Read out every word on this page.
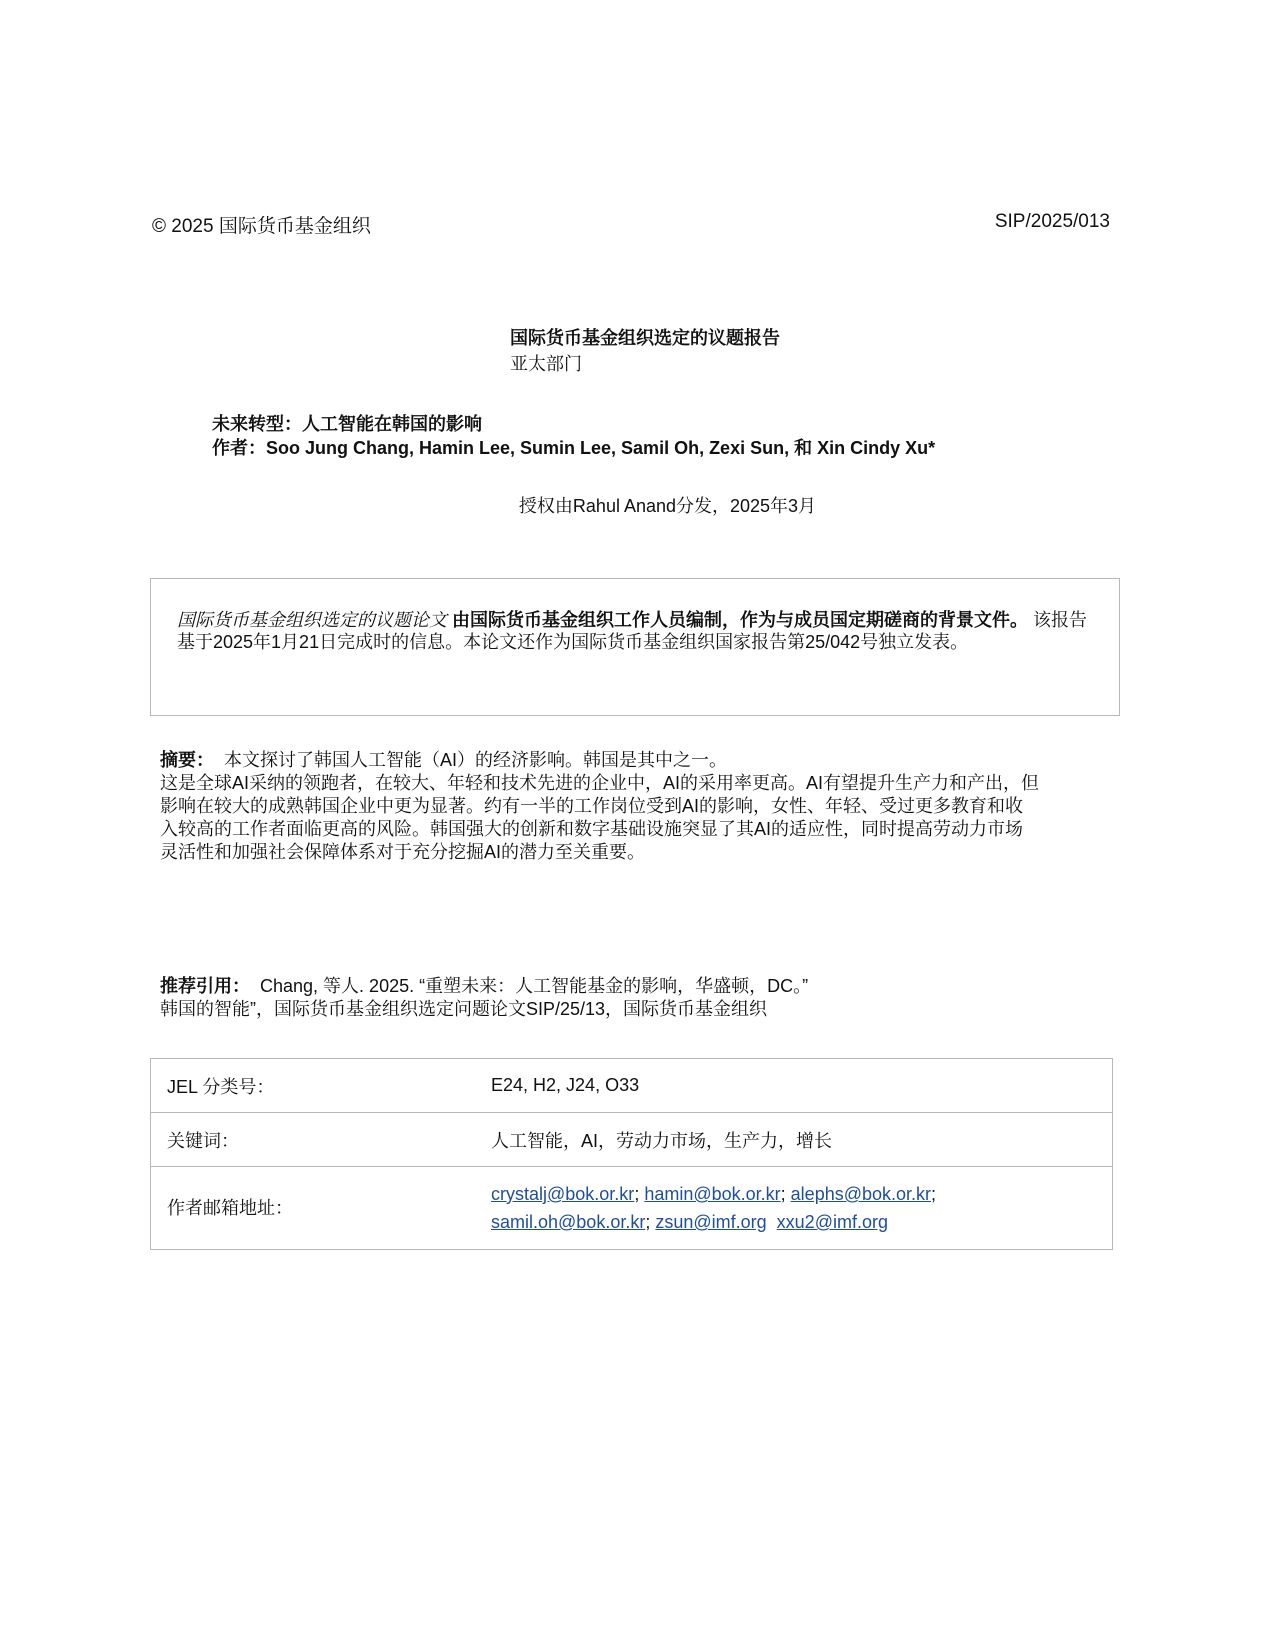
© 2025 国际货币基金组织	SIP/2025/013
国际货币基金组织选定的议题报告
亚太部门
未来转型：人工智能在韩国的影响
作者：Soo Jung Chang, Hamin Lee, Sumin Lee, Samil Oh, Zexi Sun, 和 Xin Cindy Xu*
授权由Rahul Anand分发，2025年3月
国际货币基金组织选定的议题论文 由国际货币基金组织工作人员编制，作为与成员国定期磋商的背景文件。 该报告基于2025年1月21日完成时的信息。本论文还作为国际货币基金组织国家报告第25/042号独立发表。
摘要： 本文探讨了韩国人工智能（AI）的经济影响。韩国是其中之一。
这是全球AI采纳的领跑者，在较大、年轻和技术先进的企业中，AI的采用率更高。AI有望提升生产力和产出，但
影响在较大的成熟韩国企业中更为显著。约有一半的工作岗位受到AI的影响，女性、年轻、受过更多教育和收
入较高的工作者面临更高的风险。韩国强大的创新和数字基础设施突显了其AI的适应性，同时提高劳动力市场
灵活性和加强社会保障体系对于充分挖掘AI的潜力至关重要。
推荐引用： Chang, 等人. 2025. “重塑未来：人工智能基金的影响，华盛顿，DC。”
韩国的智能”，国际货币基金组织选定问题论文SIP/25/13，国际货币基金组织
JEL 分类号：	E24, H2, J24, O33
关键词：	人工智能，AI，劳动力市场，生产力，增长
作者邮箱地址：	crystalj@bok.or.kr; hamin@bok.or.kr; alephs@bok.or.kr;
samil.oh@bok.or.kr; zsun@imf.org xxu2@imf.org
